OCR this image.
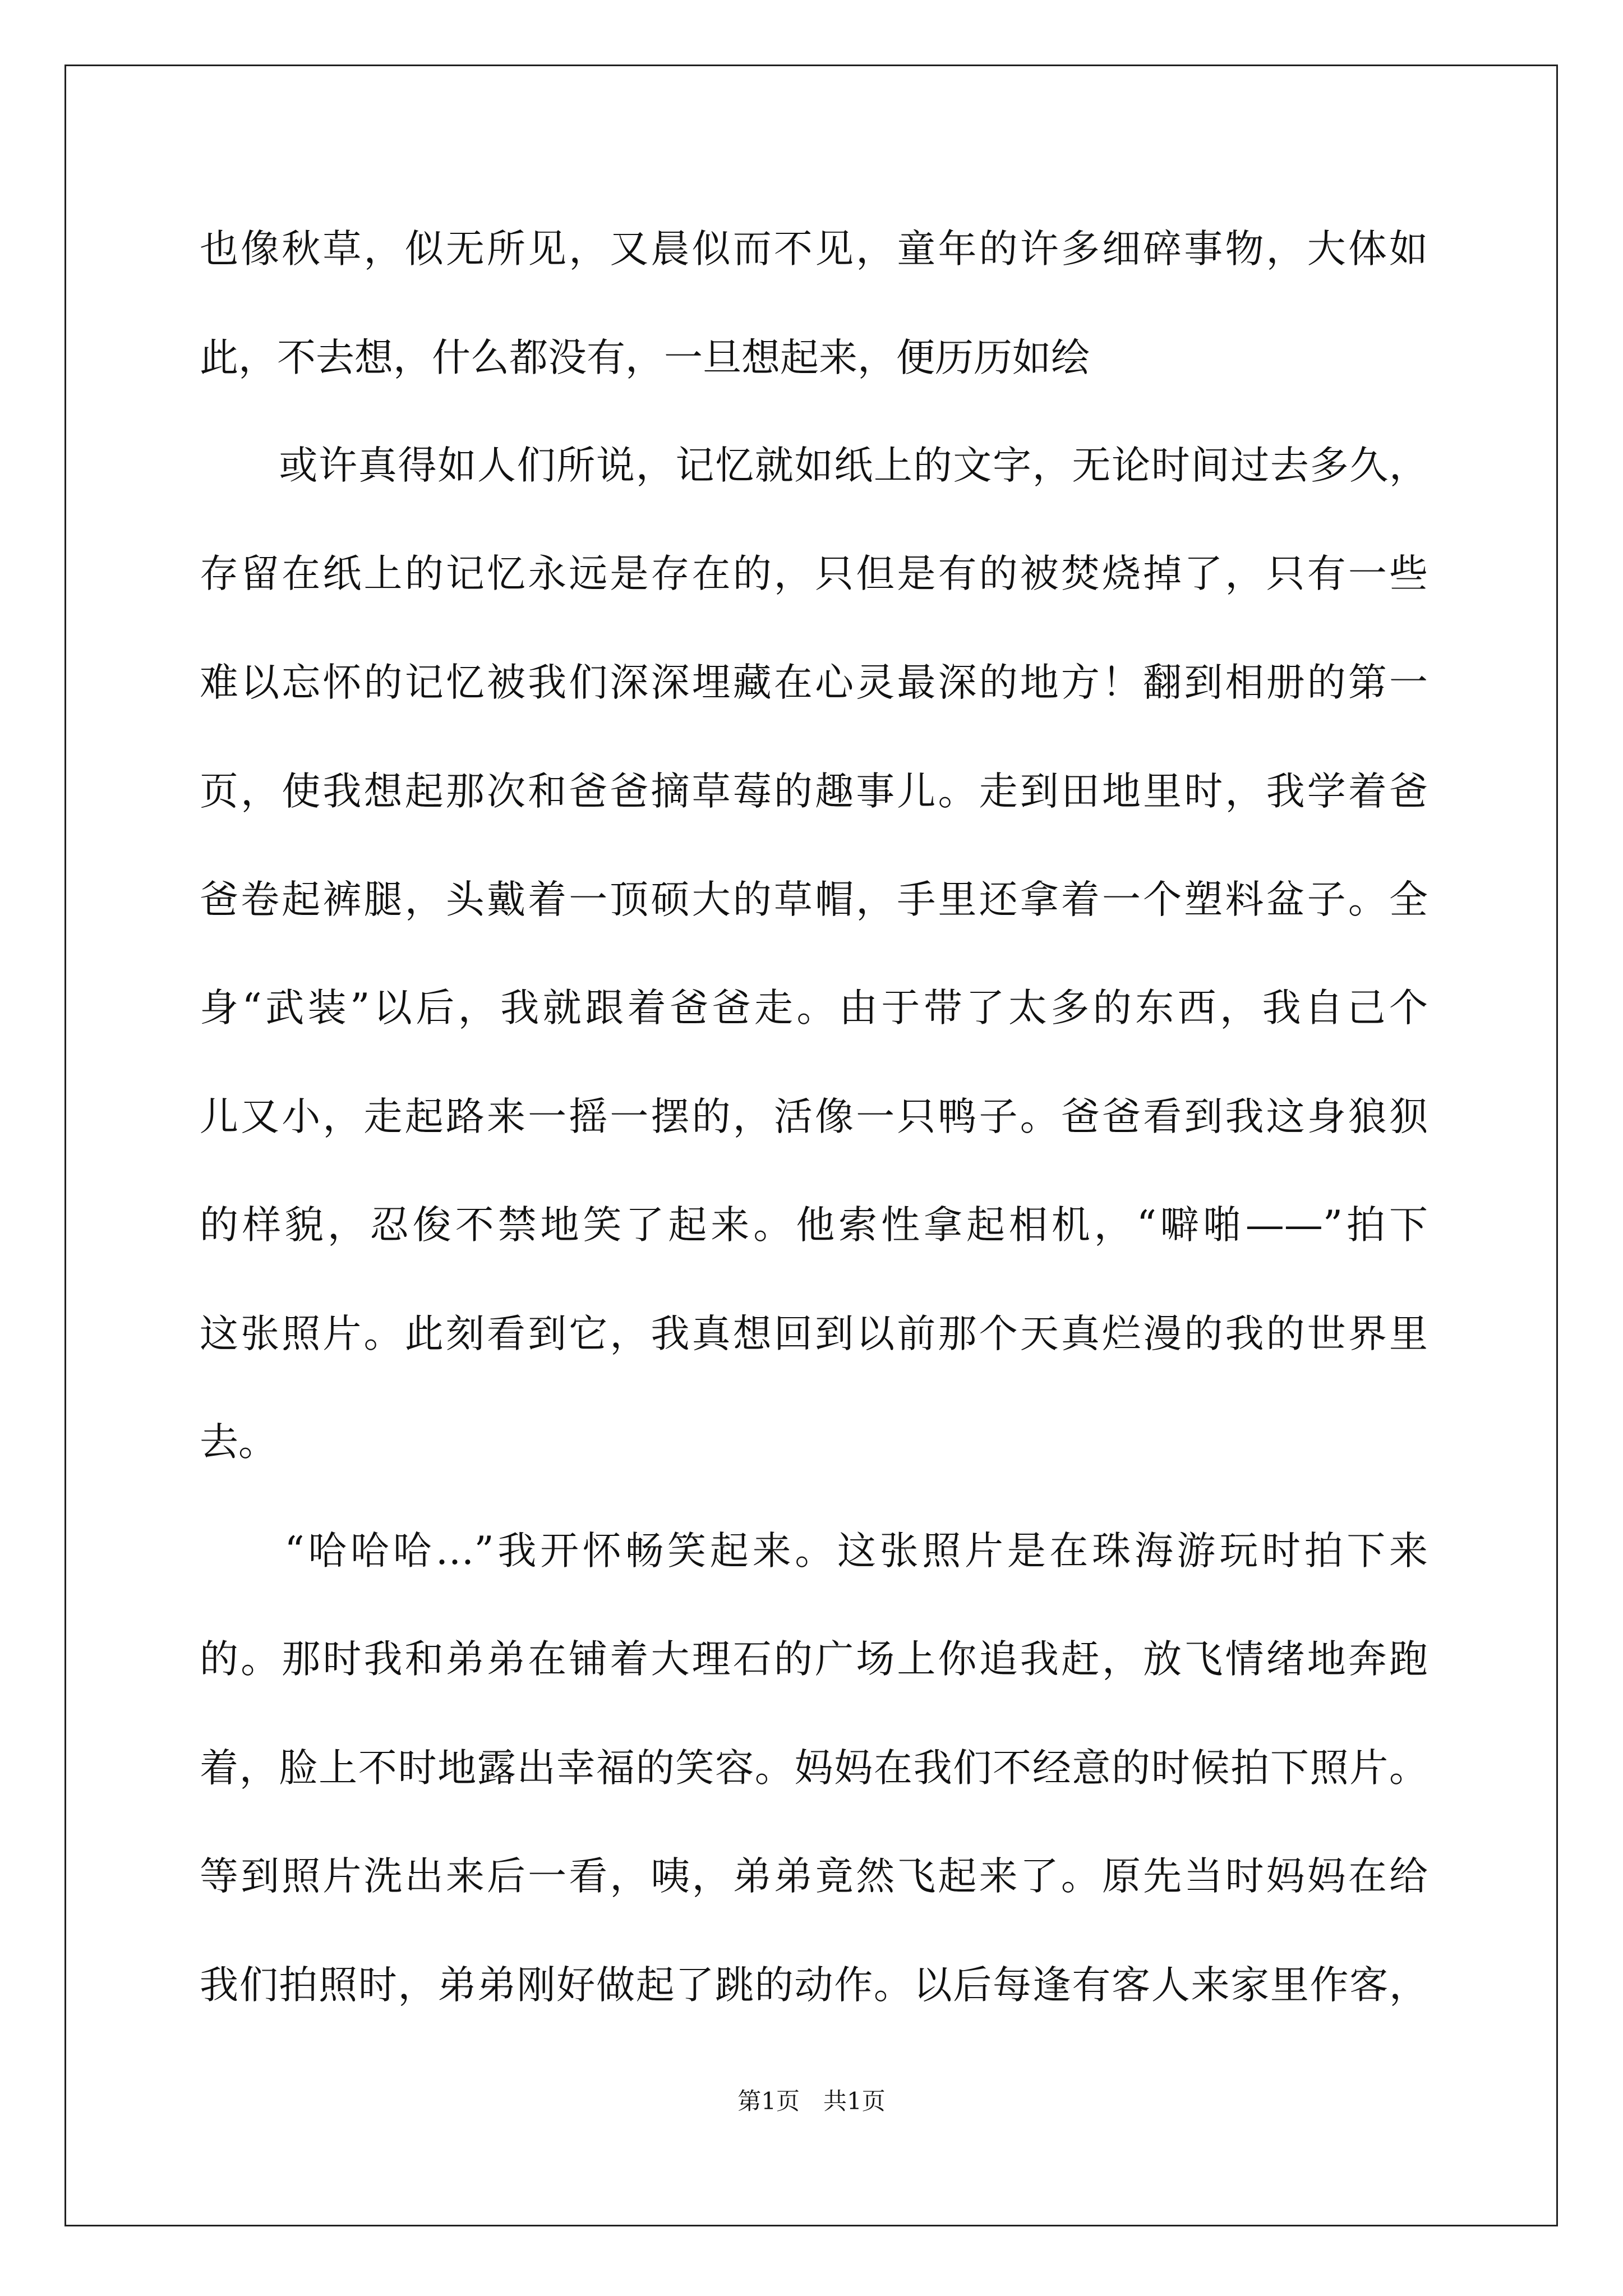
也像秋草，似无所见，又晨似而不见，童年的许多细碎事物，大体如

此，不去想，什么都没有，一旦想起来，便历历如绘

　　或许真得如人们所说，记忆就如纸上的文字，无论时间过去多久，

存留在纸上的记忆永远是存在的，只但是有的被焚烧掉了，只有一些

难以忘怀的记忆被我们深深埋藏在心灵最深的地方！翻到相册的第一

页，使我想起那次和爸爸摘草莓的趣事儿。走到田地里时，我学着爸

爸卷起裤腿，头戴着一顶硕大的草帽，手里还拿着一个塑料盆子。全

身“武装”以后，我就跟着爸爸走。由于带了太多的东西，我自己个

儿又小，走起路来一摇一摆的，活像一只鸭子。爸爸看到我这身狼狈

的样貌，忍俊不禁地笑了起来。他索性拿起相机，“噼啪——”拍下

这张照片。此刻看到它，我真想回到以前那个天真烂漫的我的世界里

去。

　　“哈哈哈…”我开怀畅笑起来。这张照片是在珠海游玩时拍下来

的。那时我和弟弟在铺着大理石的广场上你追我赶，放飞情绪地奔跑

着，脸上不时地露出幸福的笑容。妈妈在我们不经意的时候拍下照片。

等到照片洗出来后一看，咦，弟弟竟然飞起来了。原先当时妈妈在给

我们拍照时，弟弟刚好做起了跳的动作。以后每逢有客人来家里作客，

第1页　共1页
